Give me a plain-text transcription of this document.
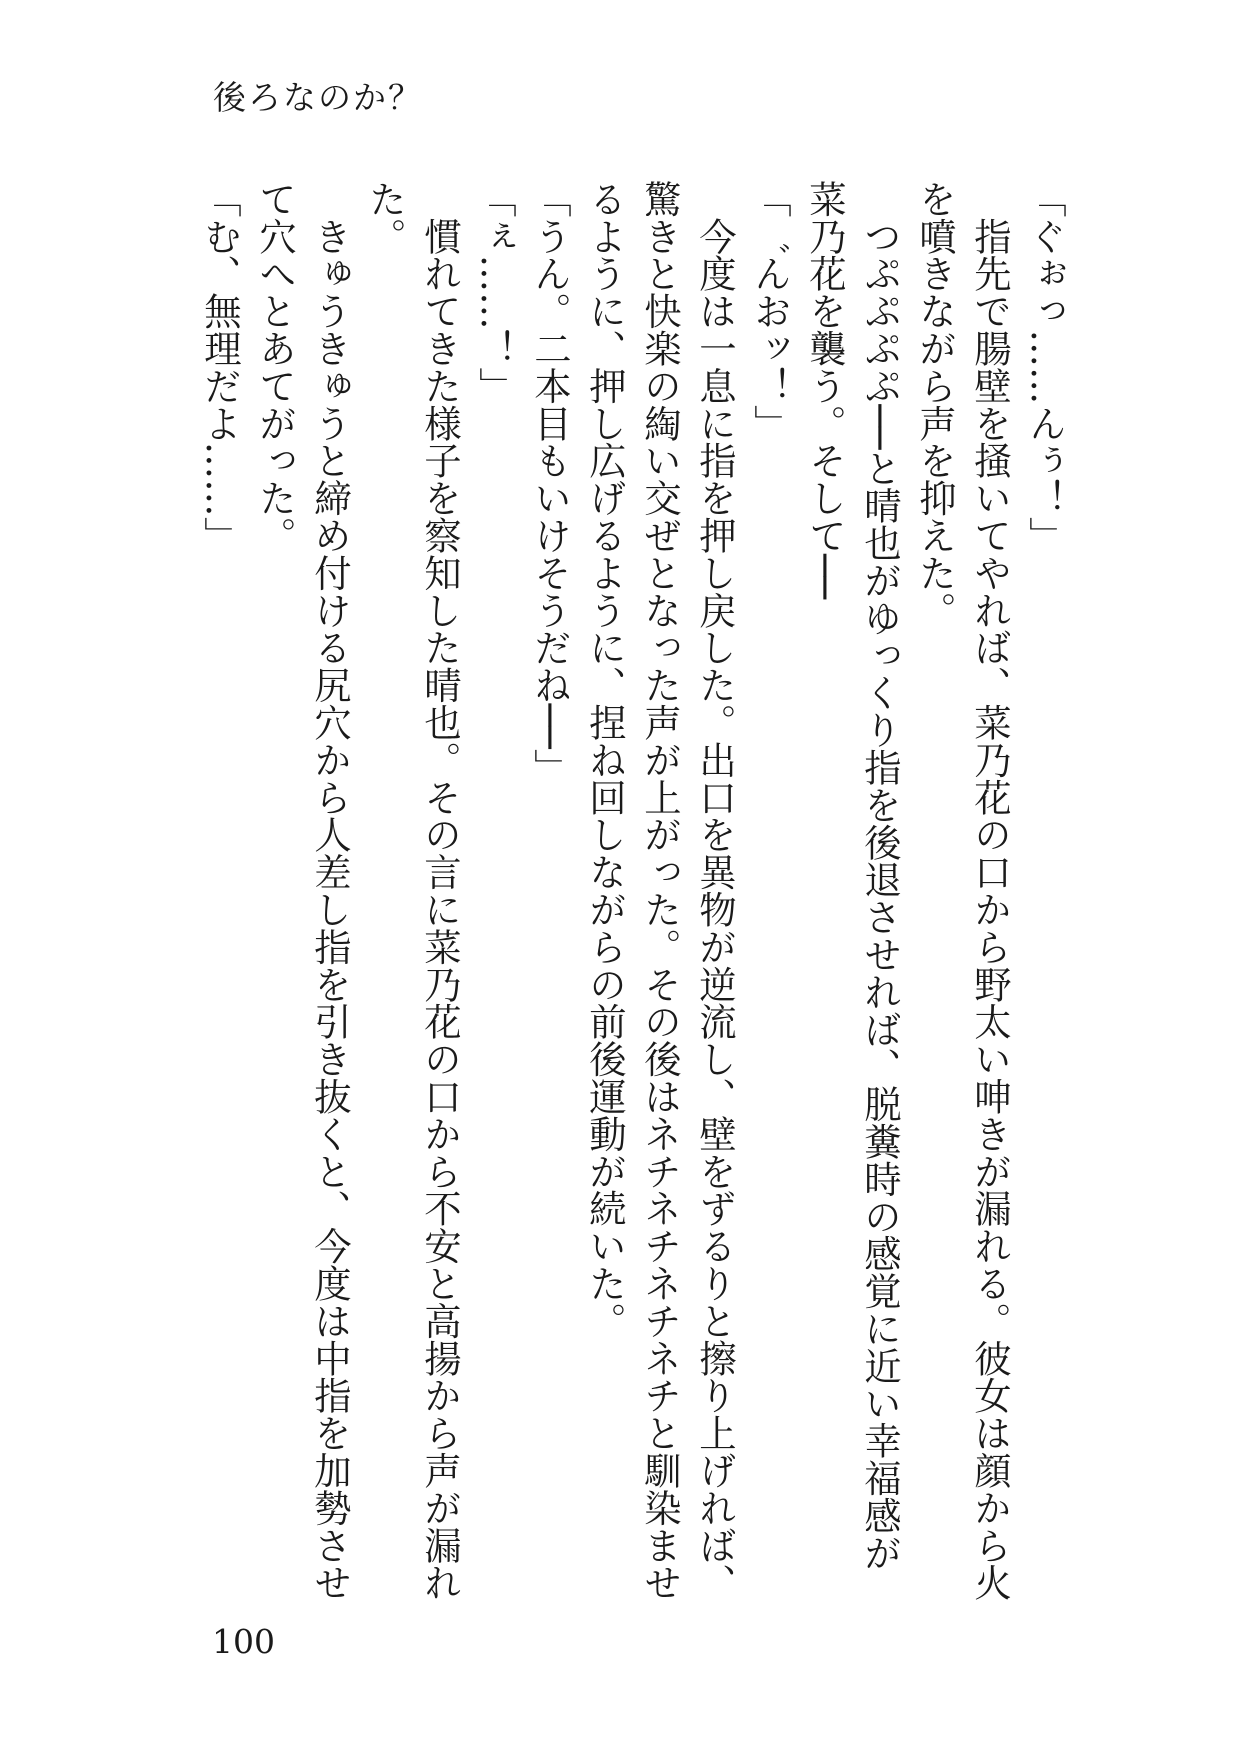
後ろなのか？
「ぐぉっ……んぅ！」
　指先で腸壁を掻いてやれば、菜乃花の口から野太い呻きが漏れる。彼女は顔から火
を噴きながら声を抑えた。
　つぷぷぷぷ──と晴也がゆっくり指を後退させれば、脱糞時の感覚に近い幸福感が
菜乃花を襲う。そして──
「゛んおッ！」
　今度は一息に指を押し戻した。出口を異物が逆流し、壁をずるりと擦り上げれば、
驚きと快楽の綯い交ぜとなった声が上がった。その後はネチネチネチネチと馴染ませ
るように、押し広げるように、捏ね回しながらの前後運動が続いた。
「うん。二本目もいけそうだね──」
「ぇ……！」
　慣れてきた様子を察知した晴也。その言に菜乃花の口から不安と高揚から声が漏れ
た。
　きゅうきゅうと締め付ける尻穴から人差し指を引き抜くと、今度は中指を加勢させ
て穴へとあてがった。
「む、無理だよ……」
100
